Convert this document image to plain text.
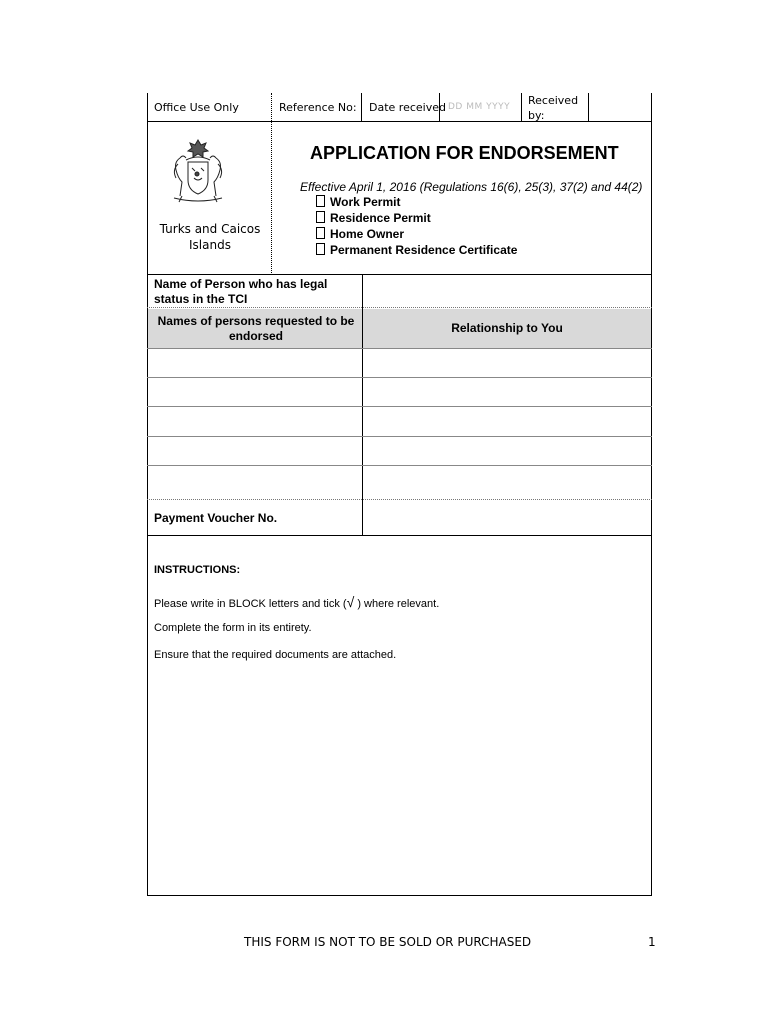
Office Use Only	Reference No: Date received DD MM YYYY Received by:
Turks and Caicos Islands
APPLICATION FOR ENDORSEMENT
Effective April 1, 2016 (Regulations 16(6), 25(3), 37(2) and 44(2)
Work Permit
Residence Permit
Home Owner
Permanent Residence Certificate
Name of Person who has legal status in the TCI
Names of persons requested to be endorsed
Relationship to You
Payment Voucher No.
INSTRUCTIONS:
Please write in BLOCK letters and tick (√ ) where relevant.
Complete the form in its entirety.
Ensure that the required documents are attached.
THIS FORM IS NOT TO BE SOLD OR PURCHASED	1
